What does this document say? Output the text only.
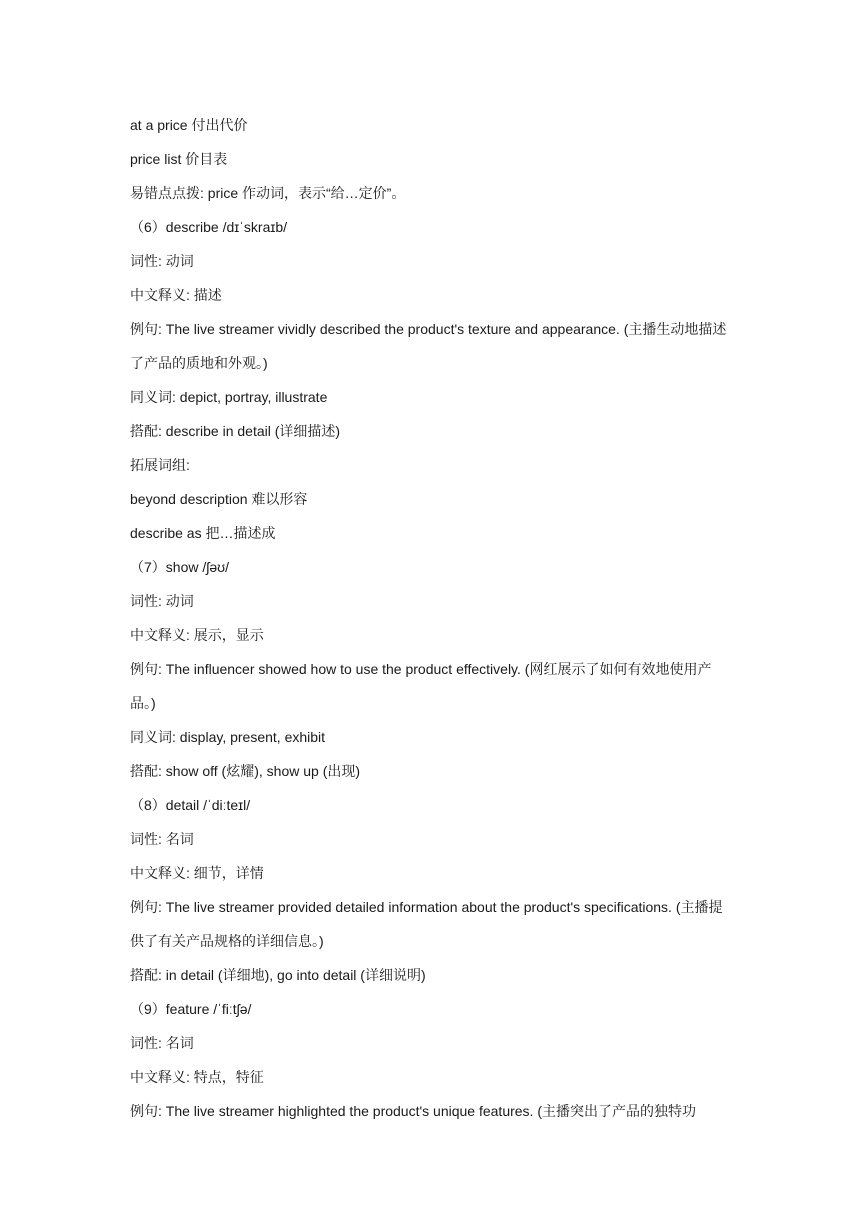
at a price 付出代价
price list 价目表
易错点点拨: price 作动词，表示“给…定价”。
（6）describe /dɪˈskraɪb/
词性: 动词
中文释义: 描述
例句: The live streamer vividly described the product's texture and appearance. (主播生动地描述了产品的质地和外观。)
同义词: depict, portray, illustrate
搭配: describe in detail (详细描述)
拓展词组:
beyond description 难以形容
describe as 把…描述成
（7）show /ʃəʊ/
词性: 动词
中文释义: 展示，显示
例句: The influencer showed how to use the product effectively. (网红展示了如何有效地使用产品。)
同义词: display, present, exhibit
搭配: show off (炫耀), show up (出现)
（8）detail /ˈdiːteɪl/
词性: 名词
中文释义: 细节，详情
例句: The live streamer provided detailed information about the product's specifications. (主播提供了有关产品规格的详细信息。)
搭配: in detail (详细地), go into detail (详细说明)
（9）feature /ˈfiːtʃə/
词性: 名词
中文释义: 特点，特征
例句: The live streamer highlighted the product's unique features. (主播突出了产品的独特功
